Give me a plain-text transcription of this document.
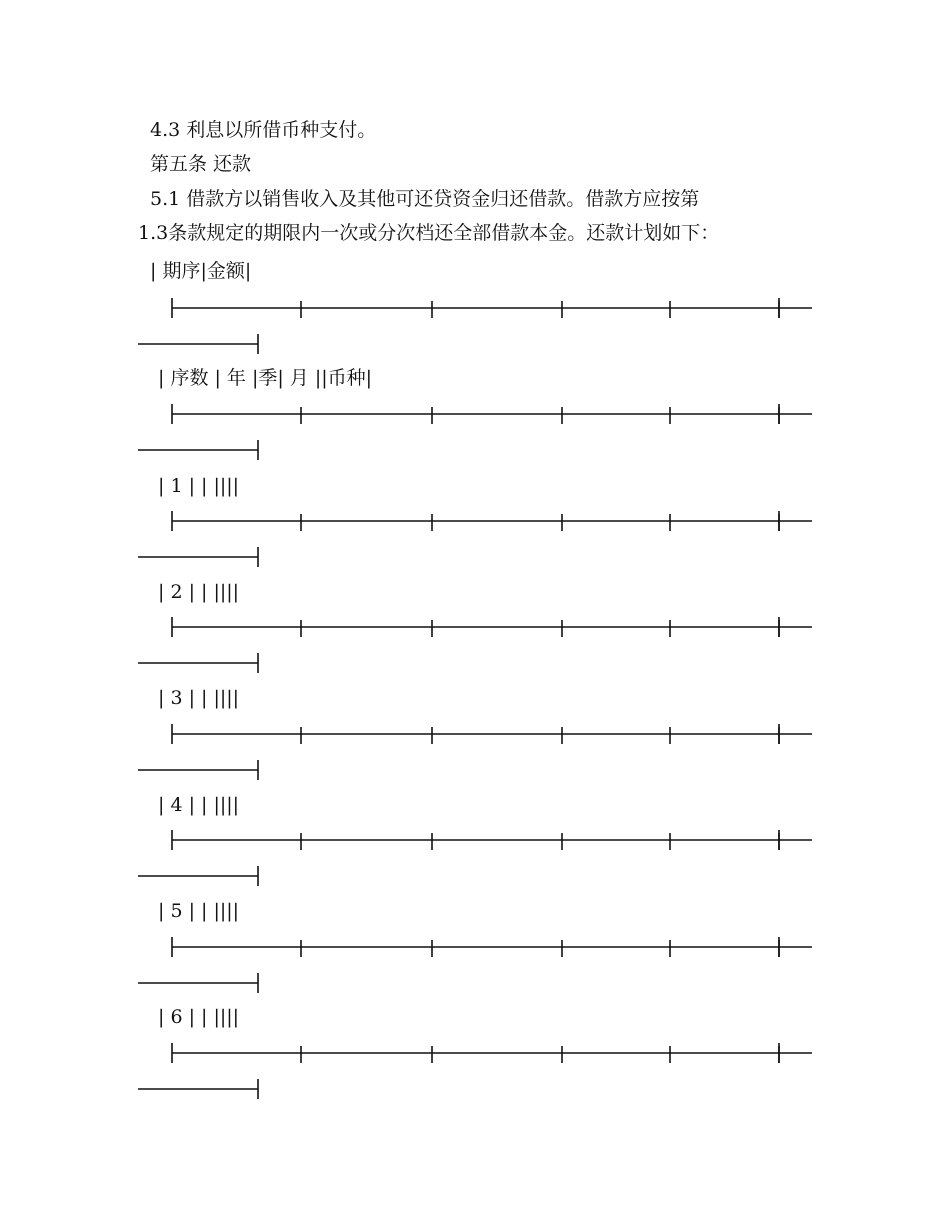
4.3 利息以所借币种支付。
第五条 还款
5.1 借款方以销售收入及其他可还贷资金归还借款。借款方应按第
1.3条款规定的期限内一次或分次档还全部借款本金。还款计划如下：
| 期序|金额|
| 序数 | 年 |季| 月 ||币种|
| 1 | | ||||
| 2 | | ||||
| 3 | | ||||
| 4 | | ||||
| 5 | | ||||
| 6 | | ||||
